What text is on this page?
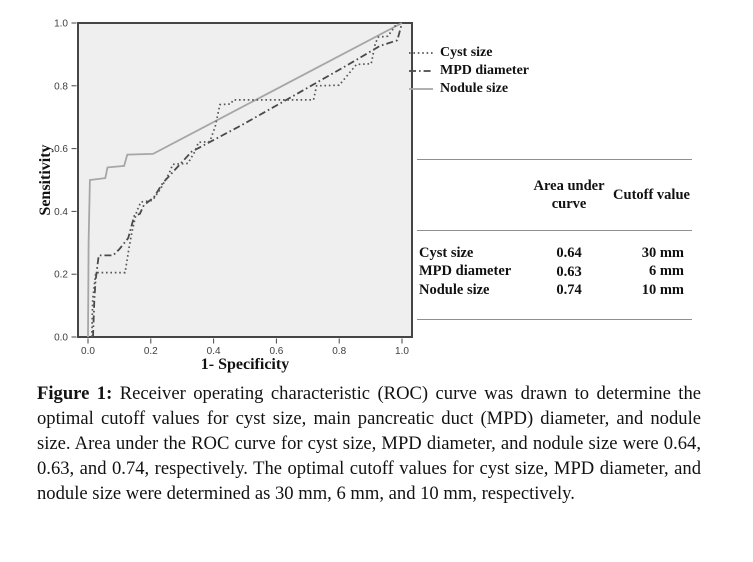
0.0	0.2	0.4	0.6	0.8	1.0
0.0
0.2
0.4
0.6
0.8
1.0
1- Specificity
Sensitivity
Cyst size
MPD diameter
Nodule size
Area under curve
Cutoff value
Cyst size	0.64	30 mm
MPD diameter	0.63	6 mm
Nodule size	0.74	10 mm

Figure 1: Receiver operating characteristic (ROC) curve was drawn to determine the optimal cutoff values for cyst size, main pancreatic duct (MPD) diameter, and nodule size. Area under the ROC curve for cyst size, MPD diameter, and nodule size were 0.64, 0.63, and 0.74, respectively. The optimal cutoff values for cyst size, MPD diameter, and nodule size were determined as 30 mm, 6 mm, and 10 mm, respectively.
